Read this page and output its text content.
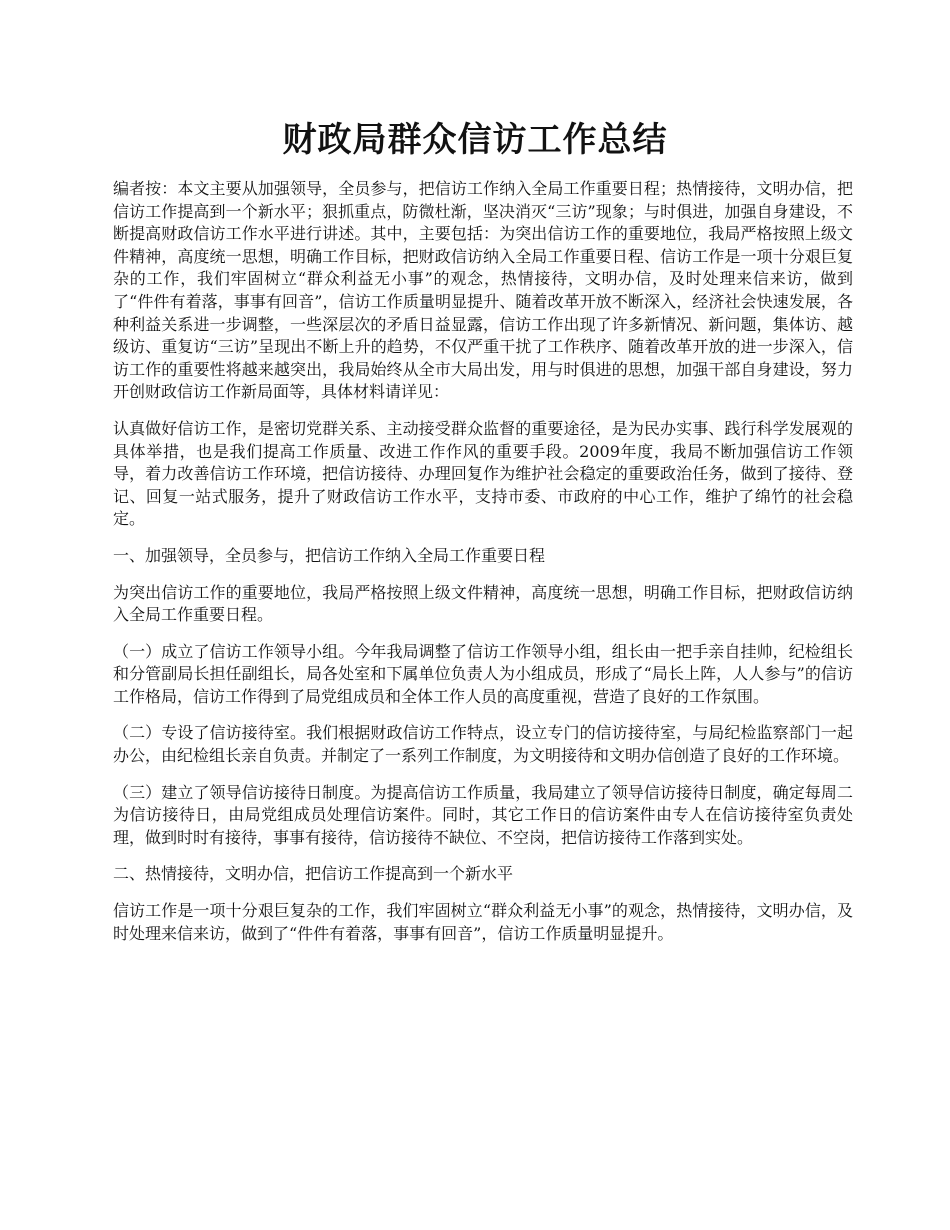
财政局群众信访工作总结

编者按：本文主要从加强领导，全员参与，把信访工作纳入全局工作重要日程；热情接待，文明办信，把信访工作提高到一个新水平；狠抓重点，防微杜渐，坚决消灭“三访”现象；与时俱进，加强自身建设，不断提高财政信访工作水平进行讲述。其中，主要包括：为突出信访工作的重要地位，我局严格按照上级文件精神，高度统一思想，明确工作目标，把财政信访纳入全局工作重要日程、信访工作是一项十分艰巨复杂的工作，我们牢固树立“群众利益无小事”的观念，热情接待，文明办信，及时处理来信来访，做到了“件件有着落，事事有回音”，信访工作质量明显提升、随着改革开放不断深入，经济社会快速发展，各种利益关系进一步调整，一些深层次的矛盾日益显露，信访工作出现了许多新情况、新问题，集体访、越级访、重复访“三访”呈现出不断上升的趋势，不仅严重干扰了工作秩序、随着改革开放的进一步深入，信访工作的重要性将越来越突出，我局始终从全市大局出发，用与时俱进的思想，加强干部自身建设，努力开创财政信访工作新局面等，具体材料请详见：

认真做好信访工作，是密切党群关系、主动接受群众监督的重要途径，是为民办实事、践行科学发展观的具体举措，也是我们提高工作质量、改进工作作风的重要手段。2009年度，我局不断加强信访工作领导，着力改善信访工作环境，把信访接待、办理回复作为维护社会稳定的重要政治任务，做到了接待、登记、回复一站式服务，提升了财政信访工作水平，支持市委、市政府的中心工作，维护了绵竹的社会稳定。

一、加强领导，全员参与，把信访工作纳入全局工作重要日程

为突出信访工作的重要地位，我局严格按照上级文件精神，高度统一思想，明确工作目标，把财政信访纳入全局工作重要日程。

（一）成立了信访工作领导小组。今年我局调整了信访工作领导小组，组长由一把手亲自挂帅，纪检组长和分管副局长担任副组长，局各处室和下属单位负责人为小组成员，形成了“局长上阵，人人参与”的信访工作格局，信访工作得到了局党组成员和全体工作人员的高度重视，营造了良好的工作氛围。

（二）专设了信访接待室。我们根据财政信访工作特点，设立专门的信访接待室，与局纪检监察部门一起办公，由纪检组长亲自负责。并制定了一系列工作制度，为文明接待和文明办信创造了良好的工作环境。

（三）建立了领导信访接待日制度。为提高信访工作质量，我局建立了领导信访接待日制度，确定每周二为信访接待日，由局党组成员处理信访案件。同时，其它工作日的信访案件由专人在信访接待室负责处理，做到时时有接待，事事有接待，信访接待不缺位、不空岗，把信访接待工作落到实处。

二、热情接待，文明办信，把信访工作提高到一个新水平

信访工作是一项十分艰巨复杂的工作，我们牢固树立“群众利益无小事”的观念，热情接待，文明办信，及时处理来信来访，做到了“件件有着落，事事有回音”，信访工作质量明显提升。
